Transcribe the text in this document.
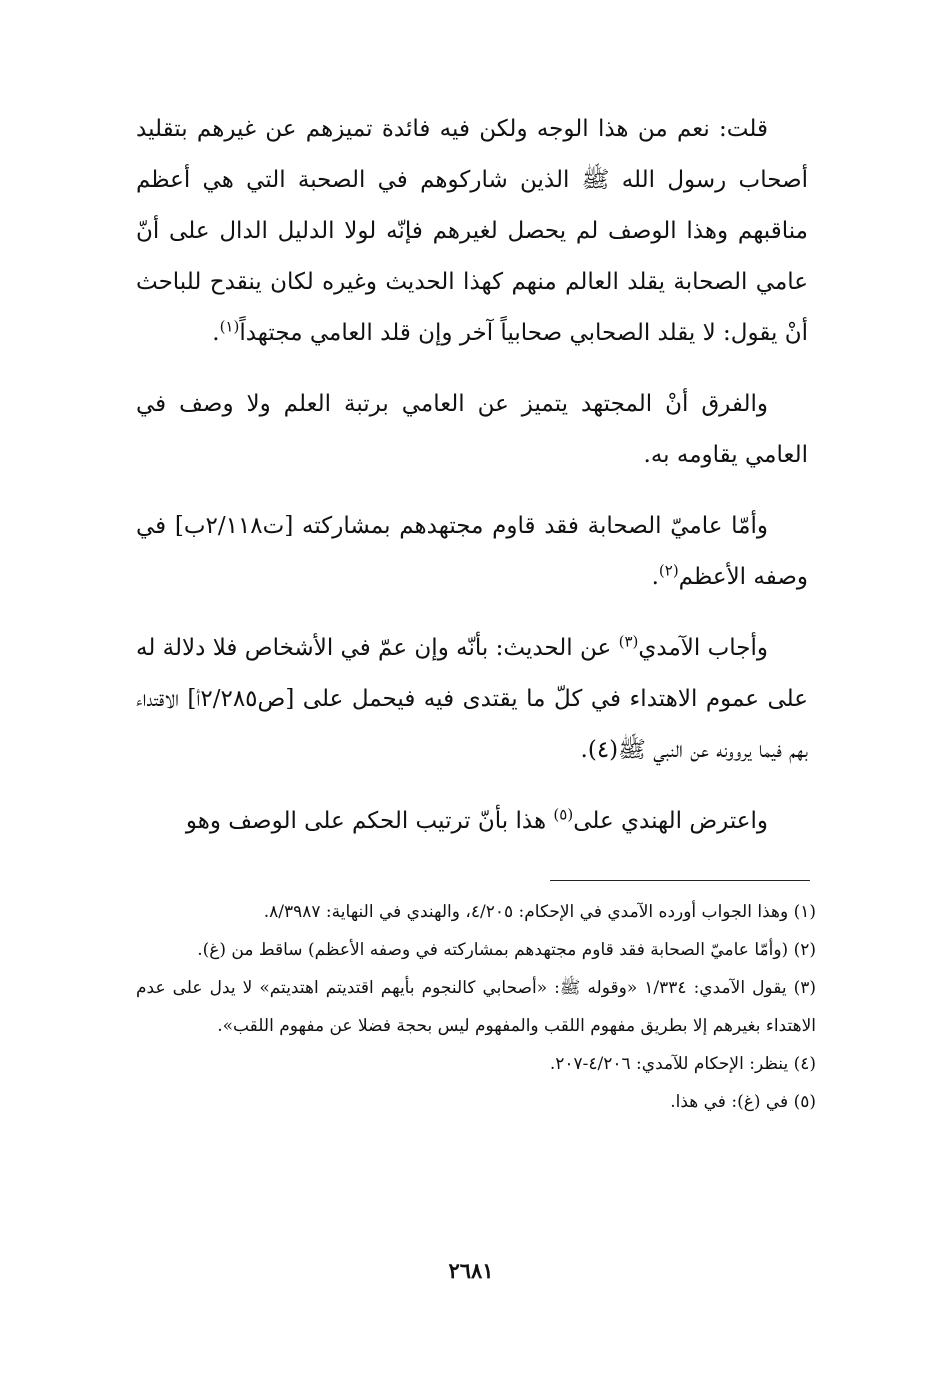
قلت: نعم من هذا الوجه ولكن فيه فائدة تميزهم عن غيرهم بتقليد أصحاب رسول الله ﷺ الذين شاركوهم في الصحبة التي هي أعظم مناقبهم وهذا الوصف لم يحصل لغيرهم فإنّه لولا الدليل الدال على أنّ عامي الصحابة يقلد العالم منهم كهذا الحديث وغيره لكان ينقدح للباحث أنْ يقول: لا يقلد الصحابي صحابياً آخر وإن قلد العامي مجتهداً$^{(١)}$.

والفرق أنْ المجتهد يتميز عن العامي برتبة العلم ولا وصف في العامي يقاومه به.

وأمّا عاميّ الصحابة فقد قاوم مجتهدهم بمشاركته [ت٢/١١٨ب] في وصفه الأعظم$^{(٢)}$.

وأجاب الآمدي$^{(٣)}$ عن الحديث: بأنّه وإن عمّ في الأشخاص فلا دلالة له على عموم الاهتداء في كلّ ما يقتدى فيه فيحمل على [ص٢/٢٨٥أ] الاقتداء بهم فيما يروونه عن النبي ﷺ(٤).

واعترض الهندي على$^{(٥)}$ هذا بأنّ ترتيب الحكم على الوصف وهو

(١) وهذا الجواب أورده الآمدي في الإحكام: ٤/٢٠٥، والهندي في النهاية: ٨/٣٩٨٧.

(٢) (وأمّا عاميّ الصحابة فقد قاوم مجتهدهم بمشاركته في وصفه الأعظم) ساقط من (غ).

(٣) يقول الآمدي: ١/٣٣٤ «وقوله ﷺ: «أصحابي كالنجوم بأيهم اقتديتم اهتديتم» لا يدل على عدم الاهتداء بغيرهم إلا بطريق مفهوم اللقب والمفهوم ليس بحجة فضلا عن مفهوم اللقب».

(٤) ينظر: الإحكام للآمدي: ٤/٢٠٦-٢٠٧.

(٥) في (غ): في هذا.

٢٦٨١
